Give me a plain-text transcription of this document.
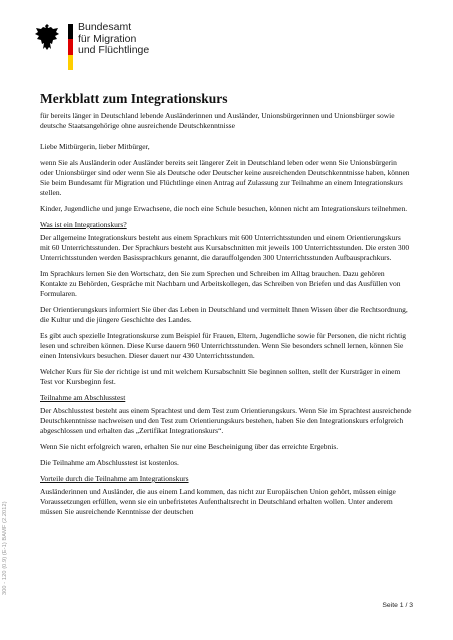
Bundesamt
für Migration
und Flüchtlinge
300 - 120 (0.9) (E-1) BAMF (2.2012)
Merkblatt zum Integrationskurs

für bereits länger in Deutschland lebende Ausländerinnen und Ausländer, Unionsbürgerinnen und Unionsbürger sowie deutsche Staatsangehörige ohne ausreichende Deutschkenntnisse

Liebe Mitbürgerin, lieber Mitbürger,

wenn Sie als Ausländerin oder Ausländer bereits seit längerer Zeit in Deutschland leben oder wenn Sie Unionsbürgerin oder Unionsbürger sind oder wenn Sie als Deutsche oder Deutscher keine ausreichenden Deutschkenntnisse haben, können Sie beim Bundesamt für Migration und Flüchtlinge einen Antrag auf Zulassung zur Teilnahme an einem Integrationskurs stellen.

Kinder, Jugendliche und junge Erwachsene, die noch eine Schule besuchen, können nicht am Integrationskurs teilnehmen.

Was ist ein Integrationskurs?

Der allgemeine Integrationskurs besteht aus einem Sprachkurs mit 600 Unterrichtsstunden und einem Orientierungskurs mit 60 Unterrichtsstunden. Der Sprachkurs besteht aus Kursabschnitten mit jeweils 100 Unterrichtsstunden. Die ersten 300 Unterrichtsstunden werden Basissprachkurs genannt, die darauffolgenden 300 Unterrichtsstunden Aufbausprachkurs.

Im Sprachkurs lernen Sie den Wortschatz, den Sie zum Sprechen und Schreiben im Alltag brauchen. Dazu gehören Kontakte zu Behörden, Gespräche mit Nachbarn und Arbeitskollegen, das Schreiben von Briefen und das Ausfüllen von Formularen.

Der Orientierungskurs informiert Sie über das Leben in Deutschland und vermittelt Ihnen Wissen über die Rechtsordnung, die Kultur und die jüngere Geschichte des Landes.

Es gibt auch spezielle Integrationskurse zum Beispiel für Frauen, Eltern, Jugendliche sowie für Personen, die nicht richtig lesen und schreiben können. Diese Kurse dauern 960 Unterrichtsstunden. Wenn Sie besonders schnell lernen, können Sie einen Intensivkurs besuchen. Dieser dauert nur 430 Unterrichtsstunden.

Welcher Kurs für Sie der richtige ist und mit welchem Kursabschnitt Sie beginnen sollten, stellt der Kursträger in einem Test vor Kursbeginn fest.

Teilnahme am Abschlusstest

Der Abschlusstest besteht aus einem Sprachtest und dem Test zum Orientierungskurs. Wenn Sie im Sprachtest ausreichende Deutschkenntnisse nachweisen und den Test zum Orientierungskurs bestehen, haben Sie den Integrationskurs erfolgreich abgeschlossen und erhalten das „Zertifikat Integrationskurs“.

Wenn Sie nicht erfolgreich waren, erhalten Sie nur eine Bescheinigung über das erreichte Ergebnis.

Die Teilnahme am Abschlusstest ist kostenlos.

Vorteile durch die Teilnahme am Integrationskurs

Ausländerinnen und Ausländer, die aus einem Land kommen, das nicht zur Europäischen Union gehört, müssen einige Voraussetzungen erfüllen, wenn sie ein unbefristetes Aufenthaltsrecht in Deutschland erhalten wollen. Unter anderem müssen Sie ausreichende Kenntnisse der deutschen

Seite 1 / 3
